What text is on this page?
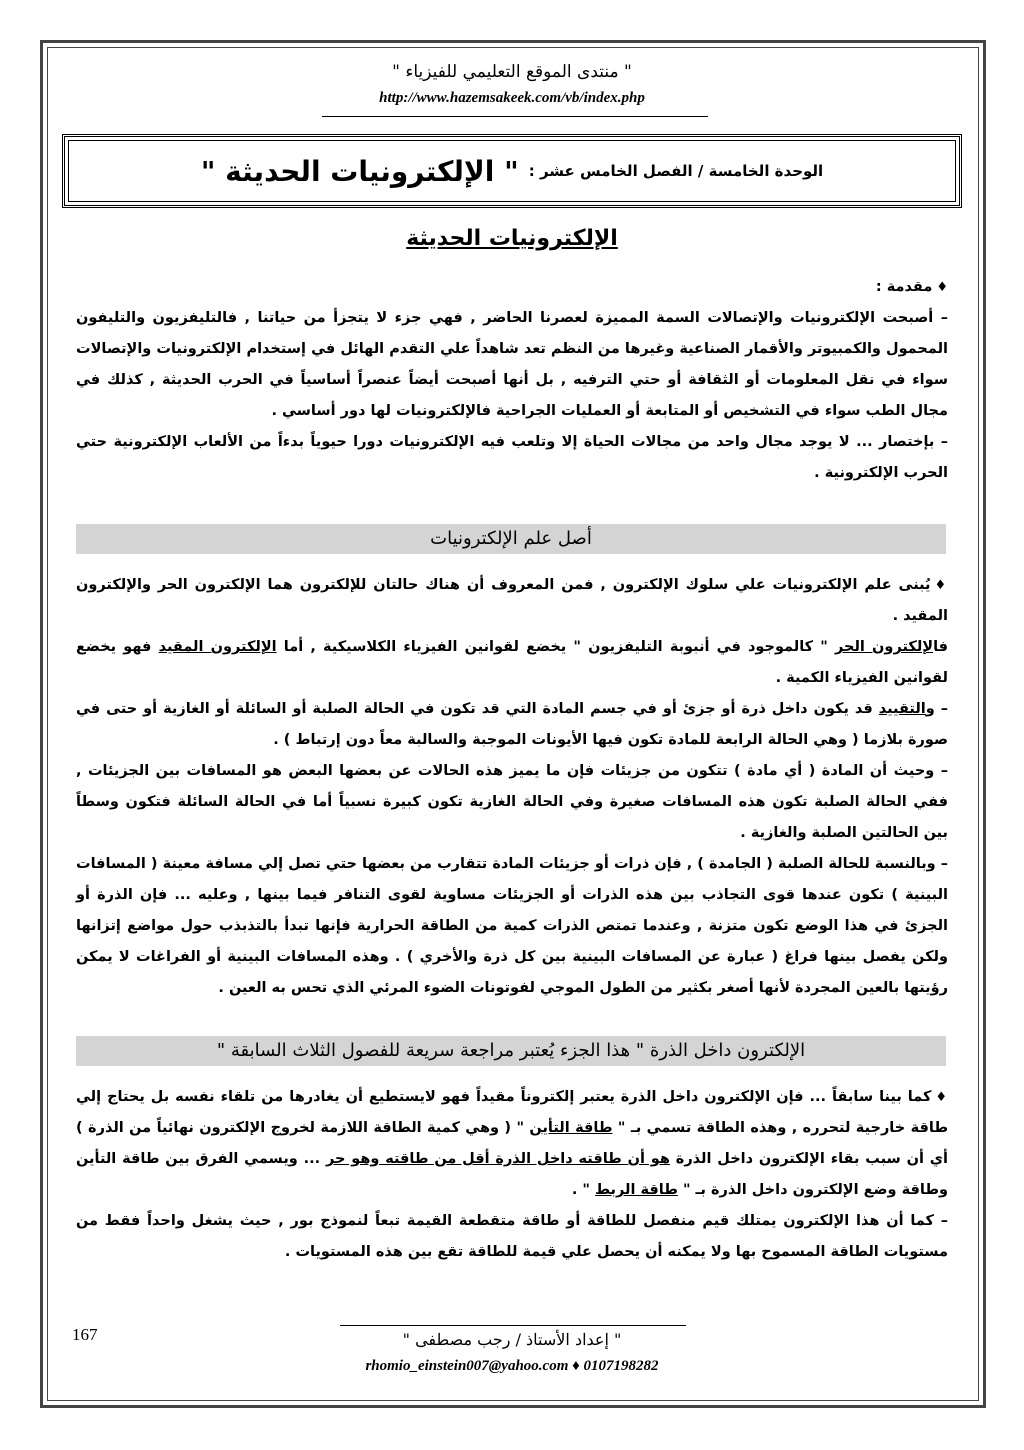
" منتدى الموقع التعليمي للفيزياء "
http://www.hazemsakeek.com/vb/index.php
الوحدة الخامسة / الفصل الخامس عشر :
" الإلكترونيات الحديثة "
الإلكترونيات الحديثة

♦مقدمة :

– أصبحت الإلكترونيات والإتصالات السمة المميزة لعصرنا الحاضر , فهي جزء لا يتجزأ من حياتنا , فالتليفزيون والتليفون المحمول والكمبيوتر والأقمار الصناعية وغيرها من النظم تعد شاهداً علي التقدم الهائل في إستخدام الإلكترونيات والإتصالات سواء في نقل المعلومات أو الثقافة أو حتي الترفيه , بل أنها أصبحت أيضاً عنصراً أساسياً في الحرب الحديثة , كذلك في مجال الطب سواء في التشخيص أو المتابعة أو العمليات الجراحية فالإلكترونيات لها دور أساسي .

– بإختصار ... لا يوجد مجال واحد من مجالات الحياة إلا وتلعب فيه الإلكترونيات دورا حيوياً بدءاً من الألعاب الإلكترونية حتي الحرب الإلكترونية .

أصل علم الإلكترونيات

♦يُبنى علم الإلكترونيات علي سلوك الإلكترون , فمن المعروف أن هناك حالتان للإلكترون هما الإلكترون الحر والإلكترون المقيد .

فالإلكترون الحر " كالموجود في أنبوبة التليفزيون " يخضع لقوانين الفيزياء الكلاسيكية , أما الإلكترون المقيد فهو يخضع لقوانين الفيزياء الكمية .

– والتقييد قد يكون داخل ذرة أو جزئ أو في جسم المادة التي قد تكون في الحالة الصلبة أو السائلة أو الغازية أو حتى في صورة بلازما ( وهي الحالة الرابعة للمادة تكون فيها الأيونات الموجبة والسالبة معاً دون إرتباط ) .

– وحيث أن المادة ( أي مادة ) تتكون من جزيئات فإن ما يميز هذه الحالات عن بعضها البعض هو المسافات بين الجزيئات , ففي الحالة الصلبة تكون هذه المسافات صغيرة وفي الحالة الغازية تكون كبيرة نسبياً أما في الحالة السائلة فتكون وسطاً بين الحالتين الصلبة والغازية .

– وبالنسبة للحالة الصلبة ( الجامدة ) , فإن ذرات أو جزيئات المادة تتقارب من بعضها حتي تصل إلي مسافة معينة ( المسافات البينية ) تكون عندها قوى التجاذب بين هذه الذرات أو الجزيئات مساوية لقوى التنافر فيما بينها , وعليه ... فإن الذرة أو الجزئ في هذا الوضع تكون متزنة , وعندما تمتص الذرات كمية من الطاقة الحرارية فإنها تبدأ بالتذبذب حول مواضع إتزانها ولكن يفصل بينها فراغ ( عبارة عن المسافات البينية بين كل ذرة والأخري ) . وهذه المسافات البينية أو الفراغات لا يمكن رؤيتها بالعين المجردة لأنها أصغر بكثير من الطول الموجي لفوتونات الضوء المرئي الذي تحس به العين .

الإلكترون داخل الذرة " هذا الجزء يُعتبر مراجعة سريعة للفصول الثلاث السابقة "

♦كما بينا سابقاً ... فإن الإلكترون داخل الذرة يعتبر إلكتروناً مقيداً فهو لايستطيع أن يغادرها من تلقاء نفسه بل يحتاج إلي طاقة خارجية لتحرره , وهذه الطاقة تسمي بـ " طاقة التأين " ( وهي كمية الطاقة اللازمة لخروج الإلكترون نهائياً من الذرة ) أي أن سبب بقاء الإلكترون داخل الذرة هو أن طاقته داخل الذرة أقل من طاقته وهو حر ... ويسمي الفرق بين طاقة التأين وطاقة وضع الإلكترون داخل الذرة بـ " طاقة الربط " .

– كما أن هذا الإلكترون يمتلك قيم منفصل للطاقة أو طاقة متقطعة القيمة تبعاً لنموذج بور , حيث يشغل واحداً فقط من مستويات الطاقة المسموح بها ولا يمكنه أن يحصل علي قيمة للطاقة تقع بين هذه المستويات .

167	" إعداد الأستاذ / رجب مصطفى "
rhomio_einstein007@yahoo.com ♦ 0107198282
